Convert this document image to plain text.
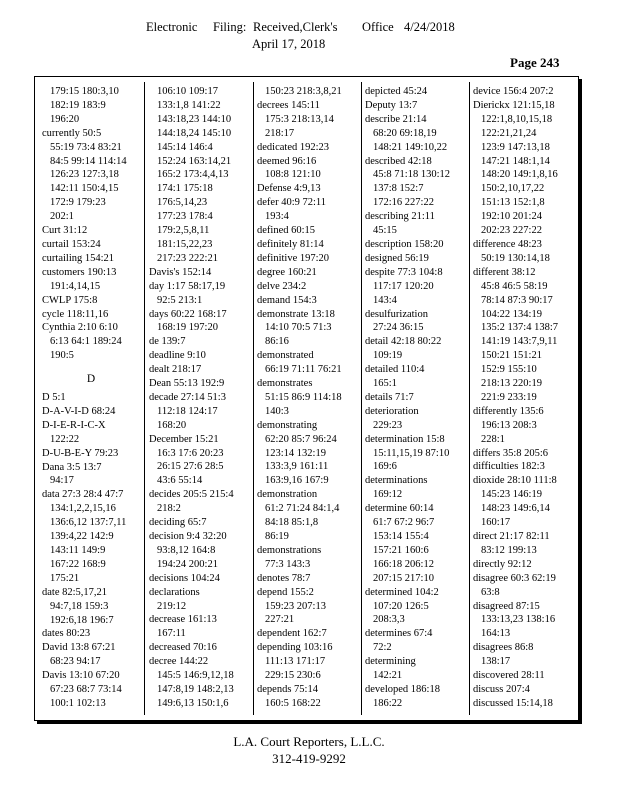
Electronic Filing: Received,Clerk's Office 4/24/2018
April 17, 2018
Page 243
179:15 180:3,10
182:19 183:9
196:20
currently 50:5
55:19 73:4 83:21
84:5 99:14 114:14
126:23 127:3,18
142:11 150:4,15
172:9 179:23
202:1
Curt 31:12
curtail 153:24
curtailing 154:21
customers 190:13
191:4,14,15
CWLP 175:8
cycle 118:11,16
Cynthia 2:10 6:10
6:13 64:1 189:24
190:5
D
D 5:1
D-A-V-I-D 68:24
D-I-E-R-I-C-X
122:22
D-U-B-E-Y 79:23
Dana 3:5 13:7
94:17
data 27:3 28:4 47:7
134:1,2,2,15,16
136:6,12 137:7,11
139:4,22 142:9
143:11 149:9
167:22 168:9
175:21
date 82:5,17,21
94:7,18 159:3
192:6,18 196:7
dates 80:23
David 13:8 67:21
68:23 94:17
Davis 13:10 67:20
67:23 68:7 73:14
100:1 102:13
106:10 109:17
133:1,8 141:22
143:18,23 144:10
144:18,24 145:10
145:14 146:4
152:24 163:14,21
165:2 173:4,4,13
174:1 175:18
176:5,14,23
177:23 178:4
179:2,5,8,11
181:15,22,23
217:23 222:21
Davis's 152:14
day 1:17 58:17,19
92:5 213:1
days 60:22 168:17
168:19 197:20
de 139:7
deadline 9:10
dealt 218:17
Dean 55:13 192:9
decade 27:14 51:3
112:18 124:17
168:20
December 15:21
16:3 17:6 20:23
26:15 27:6 28:5
43:6 55:14
decides 205:5 215:4
218:2
deciding 65:7
decision 9:4 32:20
93:8,12 164:8
194:24 200:21
decisions 104:24
declarations
219:12
decrease 161:13
167:11
decreased 70:16
decree 144:22
145:5 146:9,12,18
147:8,19 148:2,13
149:6,13 150:1,6
150:23 218:3,8,21
decrees 145:11
175:3 218:13,14
218:17
dedicated 192:23
deemed 96:16
108:8 121:10
Defense 4:9,13
defer 40:9 72:11
193:4
defined 60:15
definitely 81:14
definitive 197:20
degree 160:21
delve 234:2
demand 154:3
demonstrate 13:18
14:10 70:5 71:3
86:16
demonstrated
66:19 71:11 76:21
demonstrates
51:15 86:9 114:18
140:3
demonstrating
62:20 85:7 96:24
123:14 132:19
133:3,9 161:11
163:9,16 167:9
demonstration
61:2 71:24 84:1,4
84:18 85:1,8
86:19
demonstrations
77:3 143:3
denotes 78:7
depend 155:2
159:23 207:13
227:21
dependent 162:7
depending 103:16
111:13 171:17
229:15 230:6
depends 75:14
160:5 168:22
depicted 45:24
Deputy 13:7
describe 21:14
68:20 69:18,19
148:21 149:10,22
described 42:18
45:8 71:18 130:12
137:8 152:7
172:16 227:22
describing 21:11
45:15
description 158:20
designed 56:19
despite 77:3 104:8
117:17 120:20
143:4
desulfurization
27:24 36:15
detail 42:18 80:22
109:19
detailed 110:4
165:1
details 71:7
deterioration
229:23
determination 15:8
15:11,15,19 87:10
169:6
determinations
169:12
determine 60:14
61:7 67:2 96:7
153:14 155:4
157:21 160:6
166:18 206:12
207:15 217:10
determined 104:2
107:20 126:5
208:3,3
determines 67:4
72:2
determining
142:21
developed 186:18
186:22
device 156:4 207:2
Dierickx 121:15,18
122:1,8,10,15,18
122:21,21,24
123:9 147:13,18
147:21 148:1,14
148:20 149:1,8,16
150:2,10,17,22
151:13 152:1,8
192:10 201:24
202:23 227:22
difference 48:23
50:19 130:14,18
different 38:12
45:8 46:5 58:19
78:14 87:3 90:17
104:22 134:19
135:2 137:4 138:7
141:19 143:7,9,11
150:21 151:21
152:9 155:10
218:13 220:19
221:9 233:19
differently 135:6
196:13 208:3
228:1
differs 35:8 205:6
difficulties 182:3
dioxide 28:10 111:8
145:23 146:19
148:23 149:6,14
160:17
direct 21:17 82:11
83:12 199:13
directly 92:12
disagree 60:3 62:19
63:8
disagreed 87:15
133:13,23 138:16
164:13
disagrees 86:8
138:17
discovered 28:11
discuss 207:4
discussed 15:14,18
L.A. Court Reporters, L.L.C.
312-419-9292
